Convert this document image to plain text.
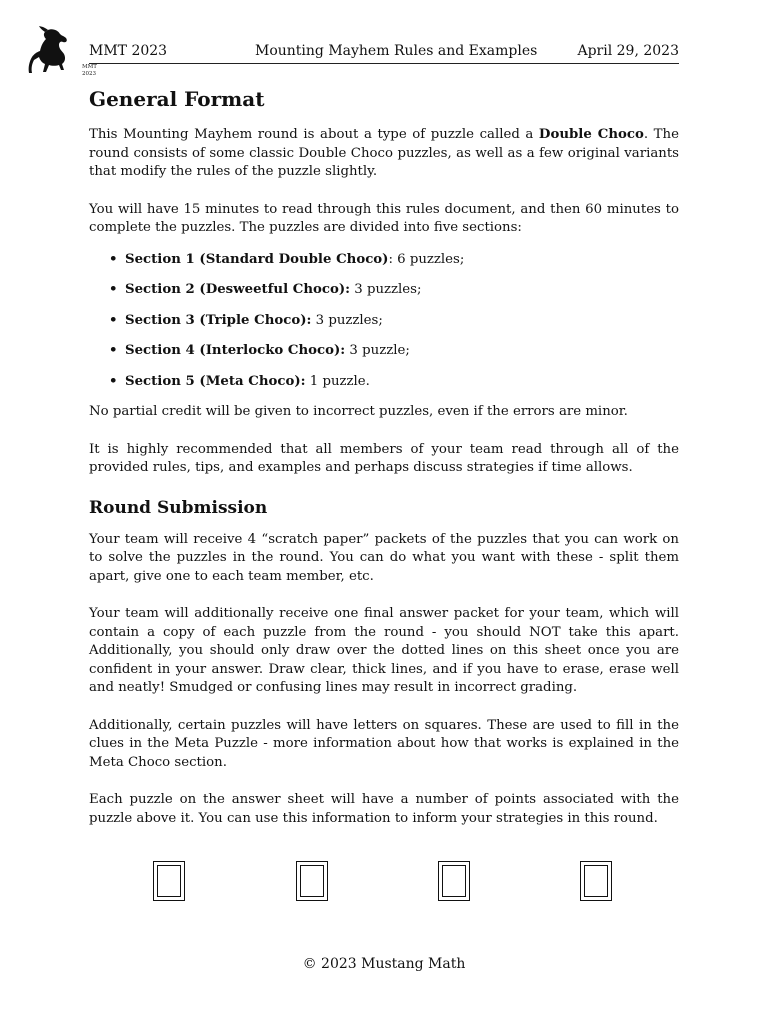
MMT
2023
MMT 2023	Mounting Mayhem Rules and Examples	April 29, 2023
General Format

This Mounting Mayhem round is about a type of puzzle called a Double Choco. The round consists of some classic Double Choco puzzles, as well as a few original variants that modify the rules of the puzzle slightly.

You will have 15 minutes to read through this rules document, and then 60 minutes to complete the puzzles. The puzzles are divided into five sections:

• Section 1 (Standard Double Choco): 6 puzzles;
• Section 2 (Desweetful Choco): 3 puzzles;
• Section 3 (Triple Choco): 3 puzzles;
• Section 4 (Interlocko Choco): 3 puzzle;
• Section 5 (Meta Choco): 1 puzzle.

No partial credit will be given to incorrect puzzles, even if the errors are minor.

It is highly recommended that all members of your team read through all of the provided rules, tips, and examples and perhaps discuss strategies if time allows.

Round Submission

Your team will receive 4 “scratch paper” packets of the puzzles that you can work on to solve the puzzles in the round. You can do what you want with these - split them apart, give one to each team member, etc.

Your team will additionally receive one final answer packet for your team, which will contain a copy of each puzzle from the round - you should NOT take this apart. Additionally, you should only draw over the dotted lines on this sheet once you are confident in your answer. Draw clear, thick lines, and if you have to erase, erase well and neatly! Smudged or confusing lines may result in incorrect grading.

Additionally, certain puzzles will have letters on squares. These are used to fill in the clues in the Meta Puzzle - more information about how that works is explained in the Meta Choco section.

Each puzzle on the answer sheet will have a number of points associated with the puzzle above it. You can use this information to inform your strategies in this round.

© 2023 Mustang Math
